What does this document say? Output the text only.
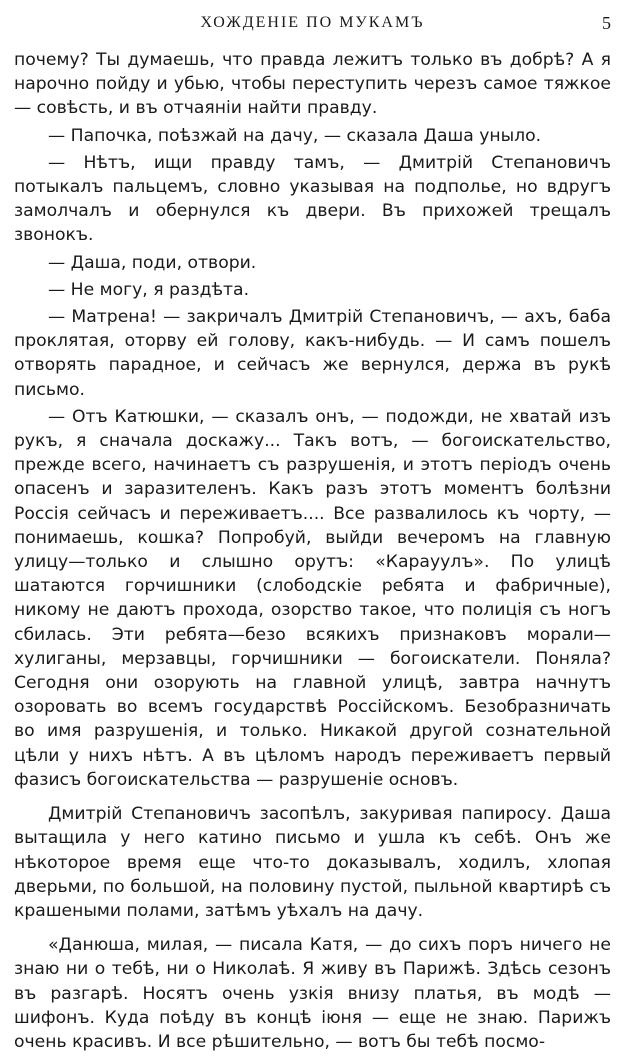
ХОЖДЕНІЕ ПО МУКАМЪ	5

почему? Ты думаешь, что правда лежитъ только въ добрѣ? А я нарочно пойду и убью, чтобы переступить черезъ самое тяжкое — совѣсть, и въ отчаяніи найти правду.

— Папочка, поѣзжай на дачу, — сказала Даша уныло.

— Нѣтъ, ищи правду тамъ, — Дмитрій Степановичъ потыкалъ пальцемъ, словно указывая на подполье, но вдругъ замолчалъ и обернулся къ двери. Въ прихожей трещалъ звонокъ.

— Даша, поди, отвори.

— Не могу, я раздѣта.

— Матрена! — закричалъ Дмитрій Степановичъ, — ахъ, баба проклятая, оторву ей голову, какъ-нибудь. — И самъ пошелъ отворять парадное, и сейчасъ же вернулся, держа въ рукѣ письмо.

— Отъ Катюшки, — сказалъ онъ, — подожди, не хватай изъ рукъ, я сначала доскажу... Такъ вотъ, — богоискательство, прежде всего, начинаетъ съ разрушенія, и этотъ періодъ очень опасенъ и заразителенъ. Какъ разъ этотъ моментъ болѣзни Россія сейчасъ и переживаетъ.... Все развалилось къ чорту, — понимаешь, кошка? Попробуй, выйди вечеромъ на главную улицу—только и слышно орутъ: «Карауулъ». По улицѣ шатаются горчишники (слободскіе ребята и фабричные), никому не даютъ прохода, озорство такое, что полиція съ ногъ сбилась. Эти ребята—безо всякихъ признаковъ морали—хулиганы, мерзавцы, горчишники — богоискатели. Поняла? Сегодня они озорують на главной улицѣ, завтра начнутъ озоровать во всемъ государствѣ Россійскомъ. Безобразничать во имя разрушенія, и только. Никакой другой сознательной цѣли у нихъ нѣтъ. А въ цѣломъ народъ переживаетъ первый фазисъ богоискательства — разрушеніе основъ.

Дмитрій Степановичъ засопѣлъ, закуривая папиросу. Даша вытащила у него катино письмо и ушла къ себѣ. Онъ же нѣкоторое время еще что-то доказывалъ, ходилъ, хлопая дверьми, по большой, на половину пустой, пыльной квартирѣ съ крашеными полами, затѣмъ уѣхалъ на дачу.

«Данюша, милая, — писала Катя, — до сихъ поръ ничего не знаю ни о тебѣ, ни о Николаѣ. Я живу въ Парижѣ. Здѣсь сезонъ въ разгарѣ. Носятъ очень узкія внизу платья, въ модѣ — шифонъ. Куда поѣду въ концѣ іюня — еще не знаю. Парижъ очень красивъ. И все рѣшительно, — вотъ бы тебѣ посмо-
